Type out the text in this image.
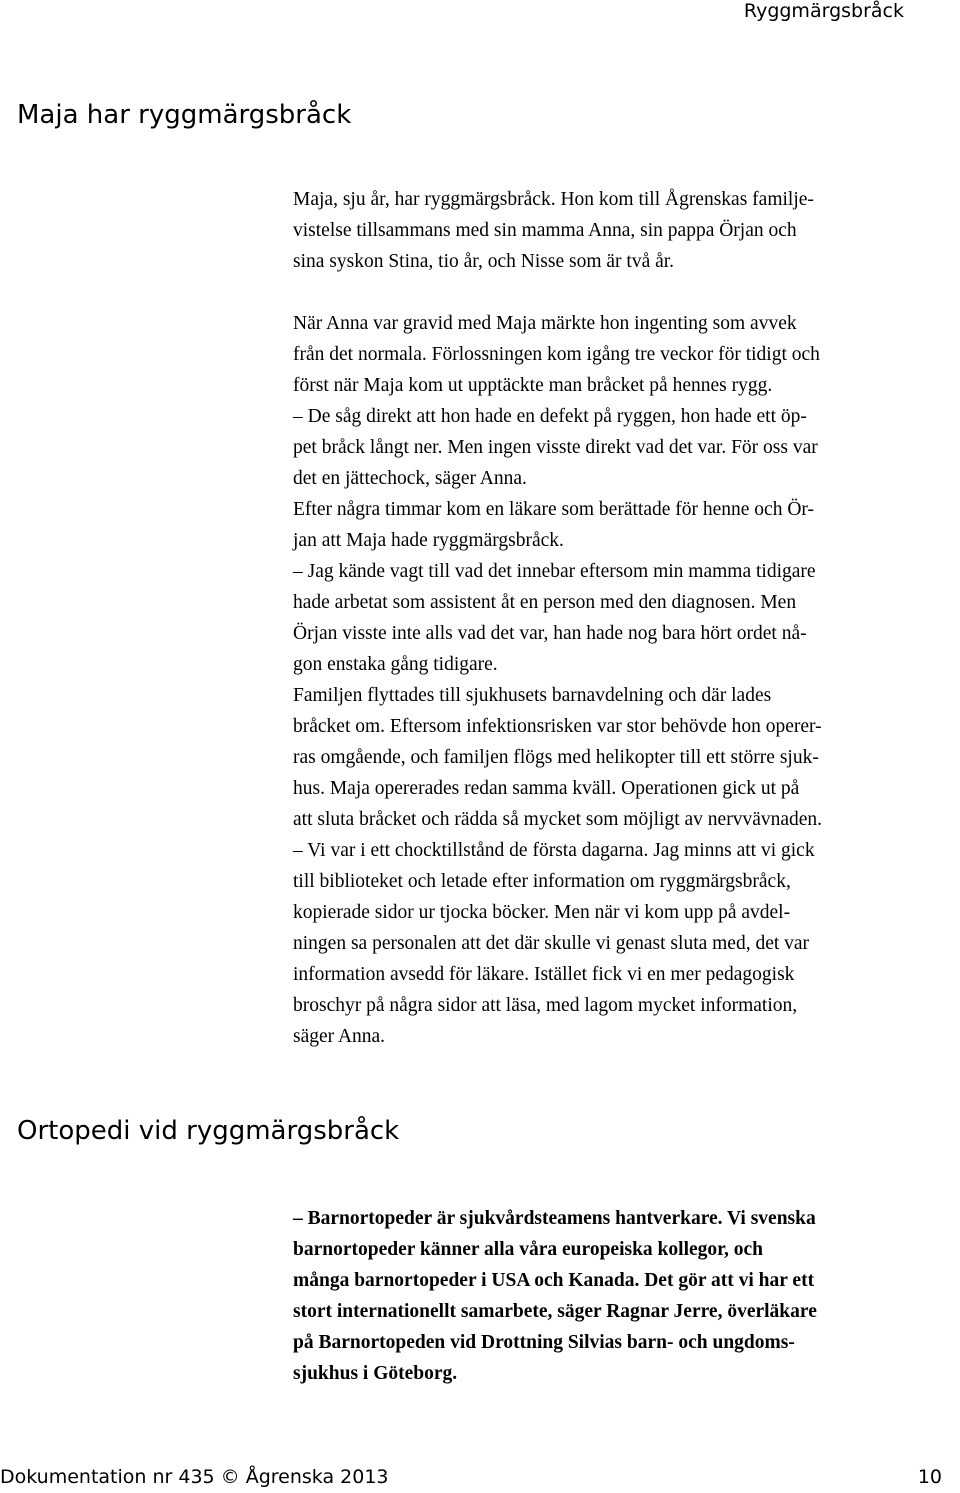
Ryggmärgsbråck
Maja har ryggmärgsbråck

Maja, sju år, har ryggmärgsbråck. Hon kom till Ågrenskas familje-

vistelse tillsammans med sin mamma Anna, sin pappa Örjan och

sina syskon Stina, tio år, och Nisse som är två år.

När Anna var gravid med Maja märkte hon ingenting som avvek

från det normala. Förlossningen kom igång tre veckor för tidigt och

först när Maja kom ut upptäckte man bråcket på hennes rygg.

– De såg direkt att hon hade en defekt på ryggen, hon hade ett öp-

pet bråck långt ner. Men ingen visste direkt vad det var. För oss var

det en jättechock, säger Anna.

Efter några timmar kom en läkare som berättade för henne och Ör-

jan att Maja hade ryggmärgsbråck.

– Jag kände vagt till vad det innebar eftersom min mamma tidigare

hade arbetat som assistent åt en person med den diagnosen. Men

Örjan visste inte alls vad det var, han hade nog bara hört ordet nå-

gon enstaka gång tidigare.

Familjen flyttades till sjukhusets barnavdelning och där lades

bråcket om. Eftersom infektionsrisken var stor behövde hon operer-

ras omgående, och familjen flögs med helikopter till ett större sjuk-

hus. Maja opererades redan samma kväll. Operationen gick ut på

att sluta bråcket och rädda så mycket som möjligt av nervvävnaden.

– Vi var i ett chocktillstånd de första dagarna. Jag minns att vi gick

till biblioteket och letade efter information om ryggmärgsbråck,

kopierade sidor ur tjocka böcker. Men när vi kom upp på avdel-

ningen sa personalen att det där skulle vi genast sluta med, det var

information avsedd för läkare. Istället fick vi en mer pedagogisk

broschyr på några sidor att läsa, med lagom mycket information,

säger Anna.

Ortopedi vid ryggmärgsbråck

– Barnortopeder är sjukvårdsteamens hantverkare. Vi svenska

barnortopeder känner alla våra europeiska kollegor, och

många barnortopeder i USA och Kanada. Det gör att vi har ett

stort internationellt samarbete, säger Ragnar Jerre, överläkare

på Barnortopeden vid Drottning Silvias barn- och ungdoms-

sjukhus i Göteborg.

Dokumentation nr 435 © Ågrenska 2013	10
